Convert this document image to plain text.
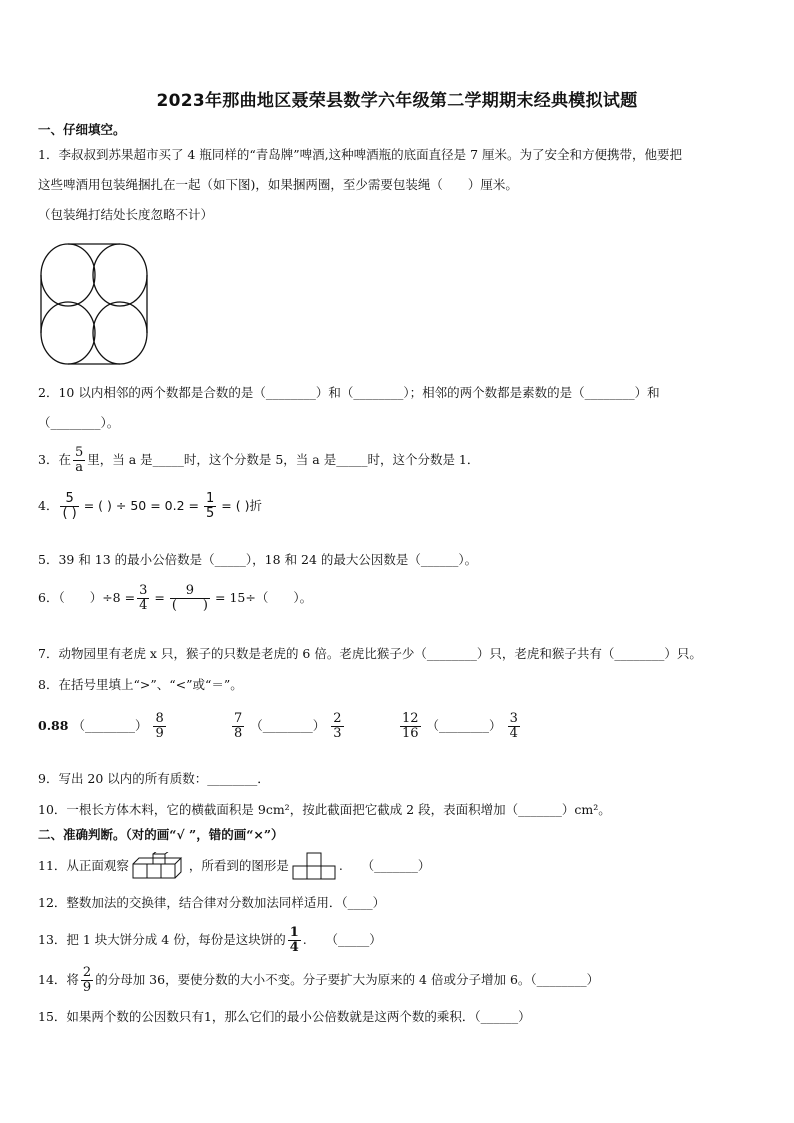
2023年那曲地区聂荣县数学六年级第二学期期末经典模拟试题
一、仔细填空。
1．李叔叔到苏果超市买了 4 瓶同样的“青岛牌”啤酒,这种啤酒瓶的底面直径是 7 厘米。为了安全和方便携带，他要把
这些啤酒用包装绳捆扎在一起（如下图)，如果捆两圈，至少需要包装绳（　　）厘米。
（包装绳打结处长度忽略不计）
2．10 以内相邻的两个数都是合数的是（________）和（________）；相邻的两个数都是素数的是（________）和
（________）。
3．在 $\frac{5}{a}$ 里，当 a 是_____时，这个分数是 5，当 a 是_____时，这个分数是 1．
4． $\frac{5}{( )}$ = ( ) ÷ $50 = 0.2 = \frac{1}{5}$ = ( )折
5．39 和 13 的最小公倍数是（_____），18 和 24 的最大公因数是（______）。
6．（　　）$\div 8 = \frac{3}{4} = \frac{9}{( )} = 15\div$（　　）。
7．动物园里有老虎 x 只，猴子的只数是老虎的 6 倍。老虎比猴子少（________）只，老虎和猴子共有（________）只。
8．在括号里填上“>”、“<”或“＝”。
0.88 （________） $\frac{8}{9}$	$\frac{7}{8}$ （________） $\frac{2}{3}$	$\frac{12}{16}$ （________） $\frac{3}{4}$
9．写出 20 以内的所有质数：________．
10．一根长方体木料，它的横截面积是 9cm²，按此截面把它截成 2 段，表面积增加（_______）cm²。
二、准确判断。（对的画“√ ”，错的画“×”）
11．从正面观察	，所看到的图形是	.　　（_______）
12．整数加法的交换律，结合律对分数加法同样适用．（____）
13．把 1 块大饼分成 4 份，每份是这块饼的 $\frac{1}{4}$ .　　（_____）
14．将 $\frac{2}{9}$ 的分母加 36，要使分数的大小不变。分子要扩大为原来的 4 倍或分子增加 6。（________）
15．如果两个数的公因数只有1，那么它们的最小公倍数就是这两个数的乘积．（______）
